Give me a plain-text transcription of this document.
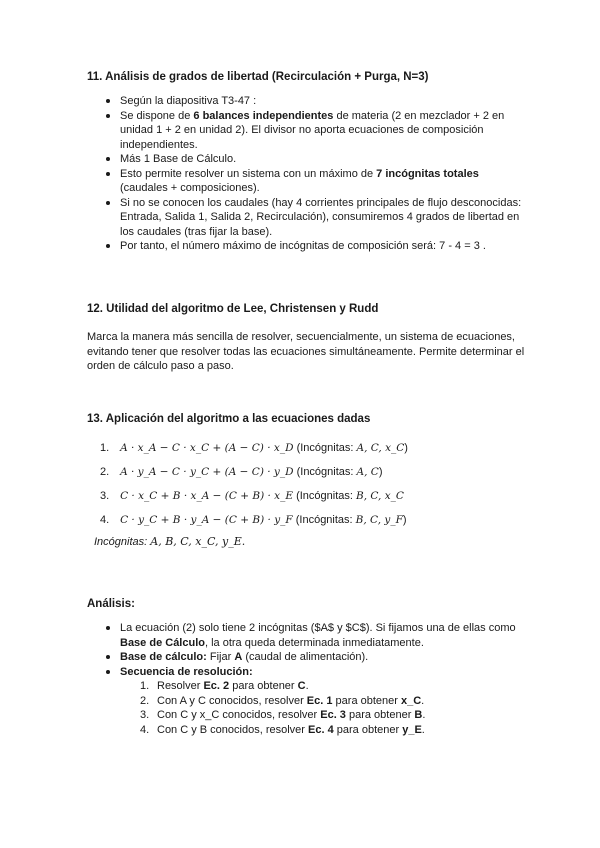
11. Análisis de grados de libertad (Recirculación + Purga, N=3)
Según la diapositiva T3-47 :
Se dispone de 6 balances independientes de materia (2 en mezclador + 2 en unidad 1 + 2 en unidad 2). El divisor no aporta ecuaciones de composición independientes.
Más 1 Base de Cálculo.
Esto permite resolver un sistema con un máximo de 7 incógnitas totales (caudales + composiciones).
Si no se conocen los caudales (hay 4 corrientes principales de flujo desconocidas: Entrada, Salida 1, Salida 2, Recirculación), consumiremos 4 grados de libertad en los caudales (tras fijar la base).
Por tanto, el número máximo de incógnitas de composición será: 7 - 4 = 3 .
12. Utilidad del algoritmo de Lee, Christensen y Rudd

Marca la manera más sencilla de resolver, secuencialmente, un sistema de ecuaciones, evitando tener que resolver todas las ecuaciones simultáneamente. Permite determinar el orden de cálculo paso a paso.

13. Aplicación del algoritmo a las ecuaciones dadas
1. A · x_A − C · x_C + (A − C) · x_D (Incógnitas: A, C, x_C)
2. A · y_A − C · y_C + (A − C) · y_D (Incógnitas: A, C)
3. C · x_C + B · x_A − (C + B) · x_E (Incógnitas: B, C, x_C
4. C · y_C + B · y_A − (C + B) · y_F (Incógnitas: B, C, y_F)
Incógnitas: A, B, C, x_C, y_E.
Análisis:
La ecuación (2) solo tiene 2 incógnitas ($A$ y $C$). Si fijamos una de ellas como Base de Cálculo, la otra queda determinada inmediatamente.
Base de cálculo: Fijar A (caudal de alimentación).
Secuencia de resolución:
1. Resolver Ec. 2 para obtener C.
2. Con A y C conocidos, resolver Ec. 1 para obtener x_C.
3. Con C y x_C conocidos, resolver Ec. 3 para obtener B.
4. Con C y B conocidos, resolver Ec. 4 para obtener y_E.
